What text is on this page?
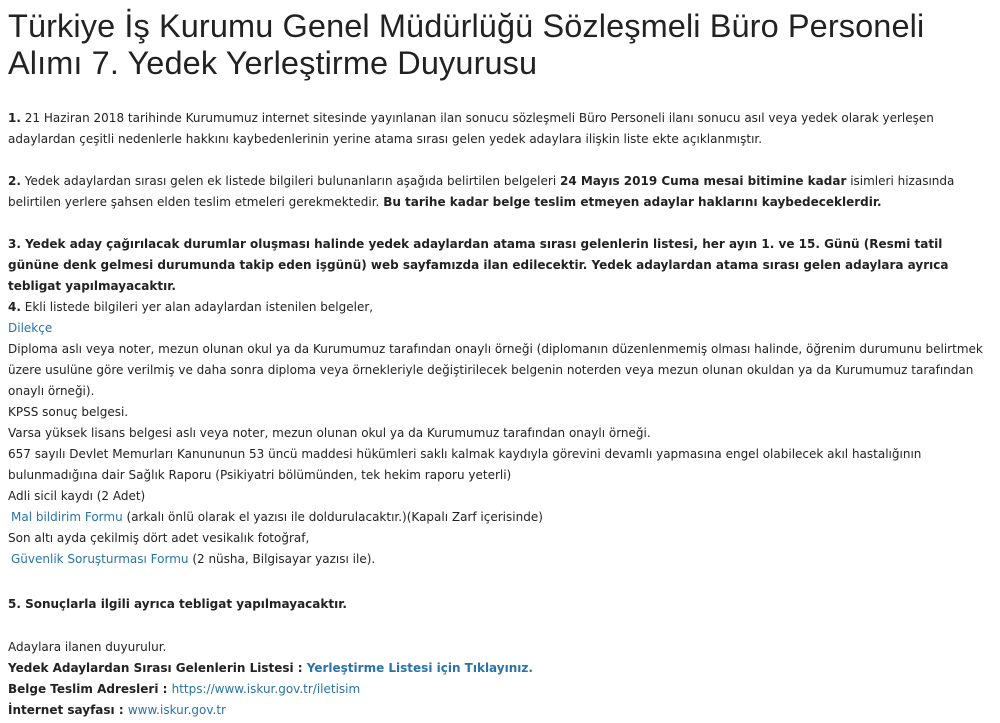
Türkiye İş Kurumu Genel Müdürlüğü Sözleşmeli Büro Personeli Alımı 7. Yedek Yerleştirme Duyurusu

1. 21 Haziran 2018 tarihinde Kurumumuz internet sitesinde yayınlanan ilan sonucu sözleşmeli Büro Personeli ilanı sonucu asıl veya yedek olarak yerleşen adaylardan çeşitli nedenlerle hakkını kaybedenlerinin yerine atama sırası gelen yedek adaylara ilişkin liste ekte açıklanmıştır.

2. Yedek adaylardan sırası gelen ek listede bilgileri bulunanların aşağıda belirtilen belgeleri 24 Mayıs 2019 Cuma mesai bitimine kadar isimleri hizasında belirtilen yerlere şahsen elden teslim etmeleri gerekmektedir. Bu tarihe kadar belge teslim etmeyen adaylar haklarını kaybedeceklerdir.

3. Yedek aday çağırılacak durumlar oluşması halinde yedek adaylardan atama sırası gelenlerin listesi, her ayın 1. ve 15. Günü (Resmi tatil gününe denk gelmesi durumunda takip eden işgünü) web sayfamızda ilan edilecektir. Yedek adaylardan atama sırası gelen adaylara ayrıca tebligat yapılmayacaktır.

4. Ekli listede bilgileri yer alan adaylardan istenilen belgeler,

Dilekçe

Diploma aslı veya noter, mezun olunan okul ya da Kurumumuz tarafından onaylı örneği (diplomanın düzenlenmemiş olması halinde, öğrenim durumunu belirtmek üzere usulüne göre verilmiş ve daha sonra diploma veya örnekleriyle değiştirilecek belgenin noterden veya mezun olunan okuldan ya da Kurumumuz tarafından onaylı örneği).

KPSS sonuç belgesi.

Varsa yüksek lisans belgesi aslı veya noter, mezun olunan okul ya da Kurumumuz tarafından onaylı örneği.

657 sayılı Devlet Memurları Kanununun 53 üncü maddesi hükümleri saklı kalmak kaydıyla görevini devamlı yapmasına engel olabilecek akıl hastalığının bulunmadığına dair Sağlık Raporu (Psikiyatri bölümünden, tek hekim raporu yeterli)

Adli sicil kaydı (2 Adet)

Mal bildirim Formu (arkalı önlü olarak el yazısı ile doldurulacaktır.)(Kapalı Zarf içerisinde)

Son altı ayda çekilmiş dört adet vesikalık fotoğraf,

Güvenlik Soruşturması Formu (2 nüsha, Bilgisayar yazısı ile).

5. Sonuçlarla ilgili ayrıca tebligat yapılmayacaktır.

Adaylara ilanen duyurulur.

Yedek Adaylardan Sırası Gelenlerin Listesi : Yerleştirme Listesi için Tıklayınız.

Belge Teslim Adresleri : https://www.iskur.gov.tr/iletisim

İnternet sayfası : www.iskur.gov.tr
